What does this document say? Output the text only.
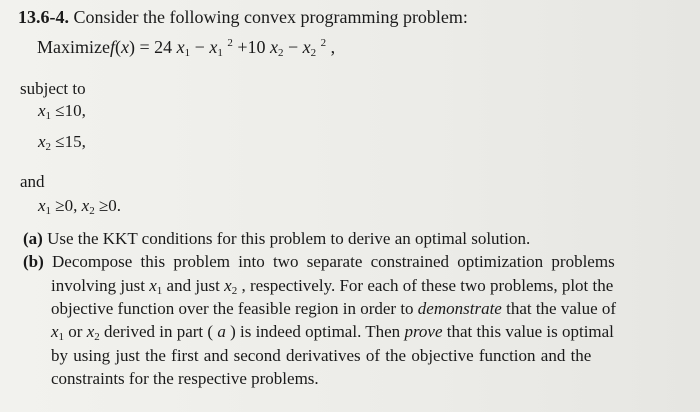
13.6-4. Consider the following convex programming problem:
Maximizef(x) = 24 $x_1 - x_1$ $^2$ +10 $x_2 - x_2$ $^2$ ,
subject to
$x_1 \le 10$,
$x_2 \le 15$,
and
$x_1 \ge 0$, $x_2 \ge 0$.
(a) Use the KKT conditions for this problem to derive an optimal solution.
(b) Decompose this problem into two separate constrained optimization problems
involving just $x_1$ and just $x_2$ , respectively. For each of these two problems, plot the
objective function over the feasible region in order to demonstrate that the value of
$x_1$ or $x_2$ derived in part ( a ) is indeed optimal. Then prove that this value is optimal
by using just the first and second derivatives of the objective function and the
constraints for the respective problems.
